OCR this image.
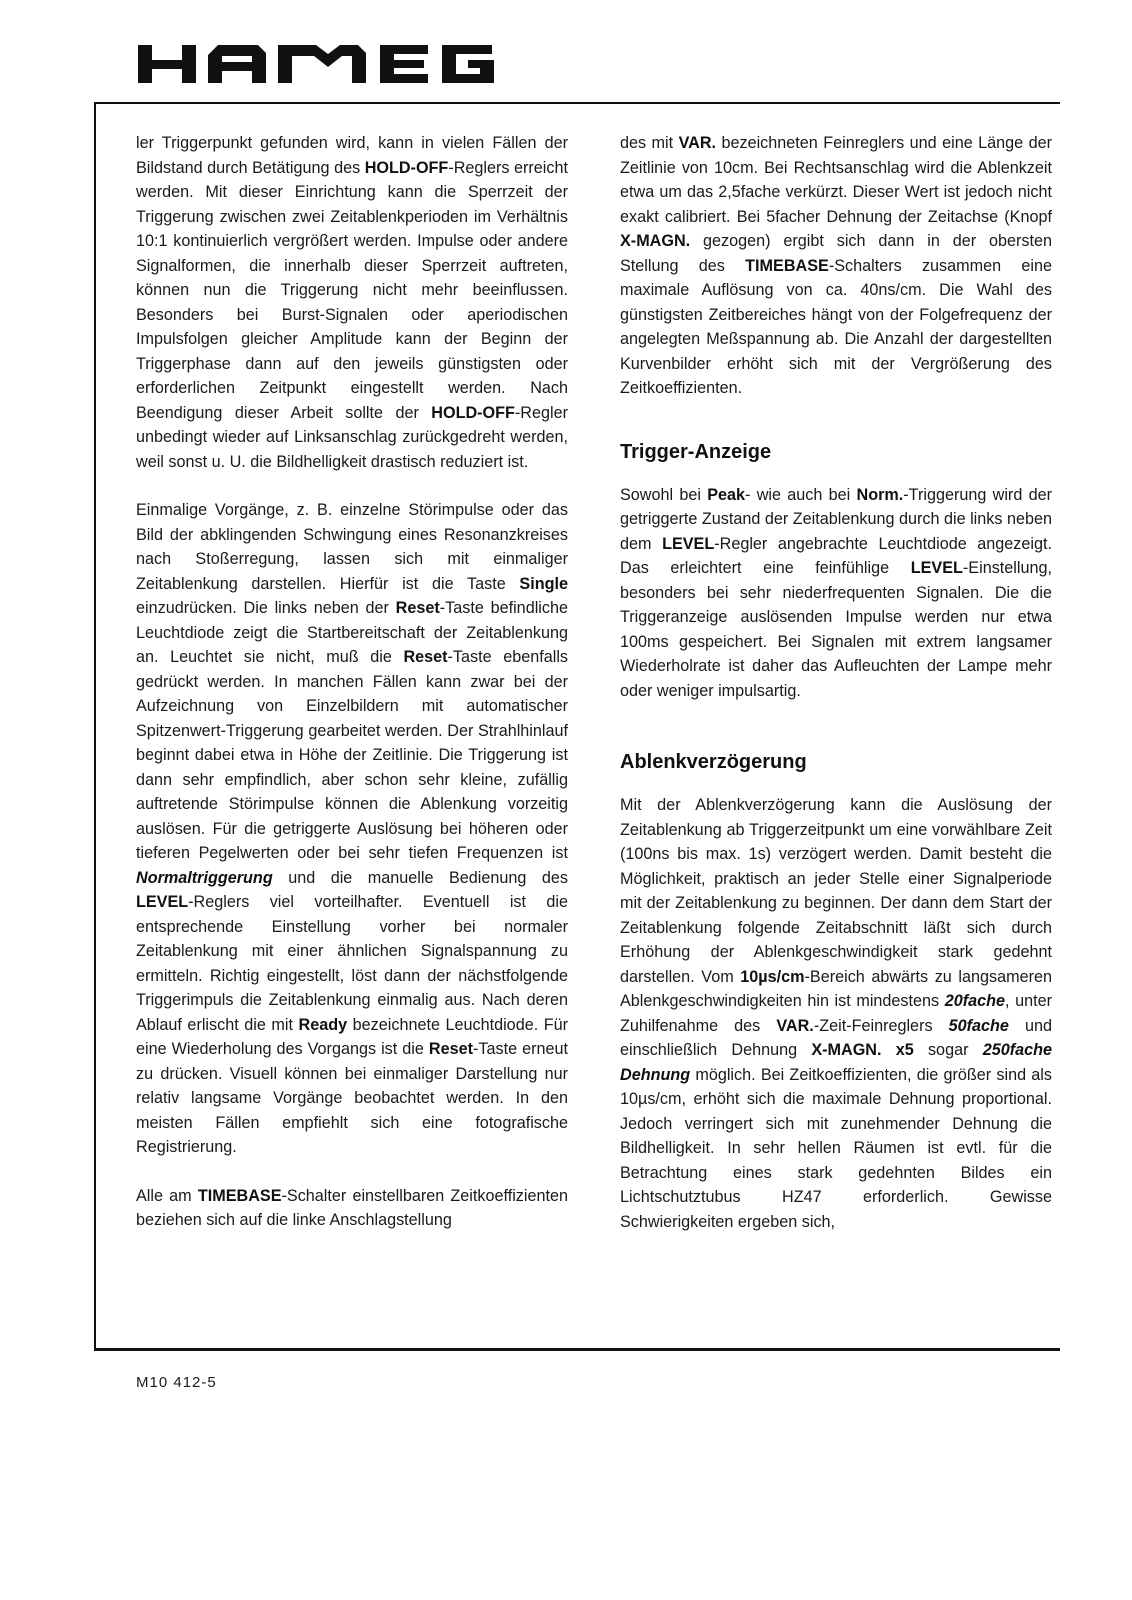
ler Triggerpunkt gefunden wird, kann in vielen Fällen der Bildstand durch Betätigung des HOLD-OFF-Reglers erreicht werden. Mit dieser Einrichtung kann die Sperrzeit der Triggerung zwischen zwei Zeitablenkperioden im Verhältnis 10:1 kontinuierlich vergrößert werden. Impulse oder andere Signalformen, die innerhalb dieser Sperrzeit auftreten, können nun die Triggerung nicht mehr beeinflussen. Besonders bei Burst-Signalen oder aperiodischen Impulsfolgen gleicher Amplitude kann der Beginn der Triggerphase dann auf den jeweils günstigsten oder erforderlichen Zeitpunkt eingestellt werden. Nach Beendigung dieser Arbeit sollte der HOLD-OFF-Regler unbedingt wieder auf Linksanschlag zurückgedreht werden, weil sonst u. U. die Bildhelligkeit drastisch reduziert ist.

Einmalige Vorgänge, z. B. einzelne Störimpulse oder das Bild der abklingenden Schwingung eines Resonanzkreises nach Stoßerregung, lassen sich mit einmaliger Zeitablenkung darstellen. Hierfür ist die Taste Single einzudrücken. Die links neben der Reset-Taste befindliche Leuchtdiode zeigt die Startbereitschaft der Zeitablenkung an. Leuchtet sie nicht, muß die Reset-Taste ebenfalls gedrückt werden. In manchen Fällen kann zwar bei der Aufzeichnung von Einzelbildern mit automatischer Spitzenwert-Triggerung gearbeitet werden. Der Strahlhinlauf beginnt dabei etwa in Höhe der Zeitlinie. Die Triggerung ist dann sehr empfindlich, aber schon sehr kleine, zufällig auftretende Störimpulse können die Ablenkung vorzeitig auslösen. Für die getriggerte Auslösung bei höheren oder tieferen Pegelwerten oder bei sehr tiefen Frequenzen ist Normaltriggerung und die manuelle Bedienung des LEVEL-Reglers viel vorteilhafter. Eventuell ist die entsprechende Einstellung vorher bei normaler Zeitablenkung mit einer ähnlichen Signalspannung zu ermitteln. Richtig eingestellt, löst dann der nächstfolgende Triggerimpuls die Zeitablenkung einmalig aus. Nach deren Ablauf erlischt die mit Ready bezeichnete Leuchtdiode. Für eine Wiederholung des Vorgangs ist die Reset-Taste erneut zu drücken. Visuell können bei einmaliger Darstellung nur relativ langsame Vorgänge beobachtet werden. In den meisten Fällen empfiehlt sich eine fotografische Registrierung.

Alle am TIMEBASE-Schalter einstellbaren Zeitkoeffizienten beziehen sich auf die linke Anschlagstellung

des mit VAR. bezeichneten Feinreglers und eine Länge der Zeitlinie von 10cm. Bei Rechtsanschlag wird die Ablenkzeit etwa um das 2,5fache verkürzt. Dieser Wert ist jedoch nicht exakt calibriert. Bei 5facher Dehnung der Zeitachse (Knopf X-MAGN. gezogen) ergibt sich dann in der obersten Stellung des TIMEBASE-Schalters zusammen eine maximale Auflösung von ca. 40ns/cm. Die Wahl des günstigsten Zeitbereiches hängt von der Folgefrequenz der angelegten Meßspannung ab. Die Anzahl der dargestellten Kurvenbilder erhöht sich mit der Vergrößerung des Zeitkoeffizienten.

Trigger-Anzeige

Sowohl bei Peak- wie auch bei Norm.-Triggerung wird der getriggerte Zustand der Zeitablenkung durch die links neben dem LEVEL-Regler angebrachte Leuchtdiode angezeigt. Das erleichtert eine feinfühlige LEVEL-Einstellung, besonders bei sehr niederfrequenten Signalen. Die die Triggeranzeige auslösenden Impulse werden nur etwa 100ms gespeichert. Bei Signalen mit extrem langsamer Wiederholrate ist daher das Aufleuchten der Lampe mehr oder weniger impulsartig.

Ablenkverzögerung

Mit der Ablenkverzögerung kann die Auslösung der Zeitablenkung ab Triggerzeitpunkt um eine vorwählbare Zeit (100ns bis max. 1s) verzögert werden. Damit besteht die Möglichkeit, praktisch an jeder Stelle einer Signalperiode mit der Zeitablenkung zu beginnen. Der dann dem Start der Zeitablenkung folgende Zeitabschnitt läßt sich durch Erhöhung der Ablenkgeschwindigkeit stark gedehnt darstellen. Vom 10µs/cm-Bereich abwärts zu langsameren Ablenkgeschwindigkeiten hin ist mindestens 20fache, unter Zuhilfenahme des VAR.-Zeit-Feinreglers 50fache und einschließlich Dehnung X-MAGN. x5 sogar 250fache Dehnung möglich. Bei Zeitkoeffizienten, die größer sind als 10µs/cm, erhöht sich die maximale Dehnung proportional. Jedoch verringert sich mit zunehmender Dehnung die Bildhelligkeit. In sehr hellen Räumen ist evtl. für die Betrachtung eines stark gedehnten Bildes ein Lichtschutztubus HZ47 erforderlich. Gewisse Schwierigkeiten ergeben sich,

M10 412-5
